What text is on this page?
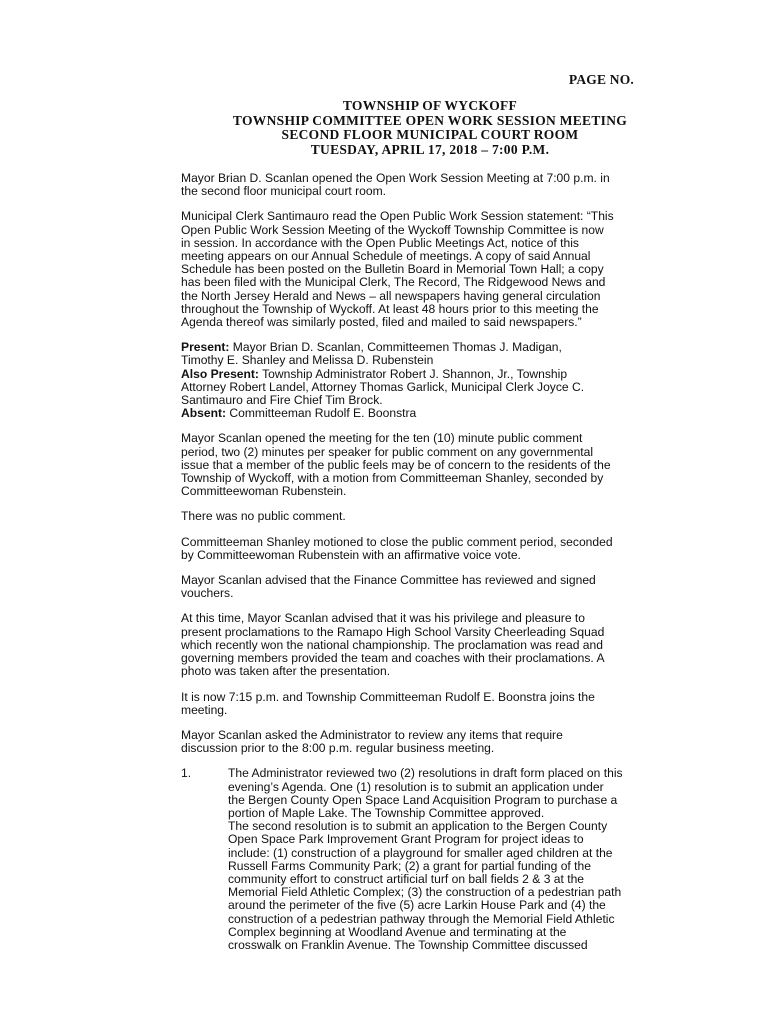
PAGE NO.
TOWNSHIP OF WYCKOFF
TOWNSHIP COMMITTEE OPEN WORK SESSION MEETING
SECOND FLOOR MUNICIPAL COURT ROOM
TUESDAY, APRIL 17, 2018 – 7:00 P.M.
Mayor Brian D. Scanlan opened the Open Work Session Meeting at 7:00 p.m. in
the second floor municipal court room.
Municipal Clerk Santimauro read the Open Public Work Session statement: “This
Open Public Work Session Meeting of the Wyckoff Township Committee is now
in session. In accordance with the Open Public Meetings Act, notice of this
meeting appears on our Annual Schedule of meetings. A copy of said Annual
Schedule has been posted on the Bulletin Board in Memorial Town Hall; a copy
has been filed with the Municipal Clerk, The Record, The Ridgewood News and
the North Jersey Herald and News – all newspapers having general circulation
throughout the Township of Wyckoff. At least 48 hours prior to this meeting the
Agenda thereof was similarly posted, filed and mailed to said newspapers.”
Present: Mayor Brian D. Scanlan, Committeemen Thomas J. Madigan,
Timothy E. Shanley and Melissa D. Rubenstein
Also Present: Township Administrator Robert J. Shannon, Jr., Township
Attorney Robert Landel, Attorney Thomas Garlick, Municipal Clerk Joyce C.
Santimauro and Fire Chief Tim Brock.
Absent: Committeeman Rudolf E. Boonstra
Mayor Scanlan opened the meeting for the ten (10) minute public comment
period, two (2) minutes per speaker for public comment on any governmental
issue that a member of the public feels may be of concern to the residents of the
Township of Wyckoff, with a motion from Committeeman Shanley, seconded by
Committeewoman Rubenstein.
There was no public comment.
Committeeman Shanley motioned to close the public comment period, seconded
by Committeewoman Rubenstein with an affirmative voice vote.
Mayor Scanlan advised that the Finance Committee has reviewed and signed
vouchers.
At this time, Mayor Scanlan advised that it was his privilege and pleasure to
present proclamations to the Ramapo High School Varsity Cheerleading Squad
which recently won the national championship. The proclamation was read and
governing members provided the team and coaches with their proclamations. A
photo was taken after the presentation.
It is now 7:15 p.m. and Township Committeeman Rudolf E. Boonstra joins the
meeting.
Mayor Scanlan asked the Administrator to review any items that require
discussion prior to the 8:00 p.m. regular business meeting.
1.	The Administrator reviewed two (2) resolutions in draft form placed on this
evening’s Agenda. One (1) resolution is to submit an application under
the Bergen County Open Space Land Acquisition Program to purchase a
portion of Maple Lake. The Township Committee approved.
The second resolution is to submit an application to the Bergen County
Open Space Park Improvement Grant Program for project ideas to
include: (1) construction of a playground for smaller aged children at the
Russell Farms Community Park; (2) a grant for partial funding of the
community effort to construct artificial turf on ball fields 2 & 3 at the
Memorial Field Athletic Complex; (3) the construction of a pedestrian path
around the perimeter of the five (5) acre Larkin House Park and (4) the
construction of a pedestrian pathway through the Memorial Field Athletic
Complex beginning at Woodland Avenue and terminating at the
crosswalk on Franklin Avenue. The Township Committee discussed
